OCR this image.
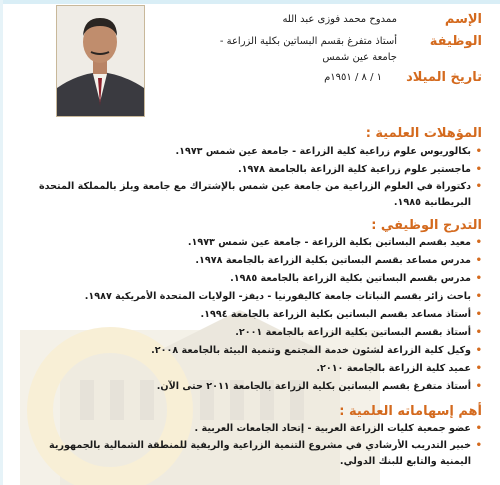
الإسم
ممدوح محمد فوزى عبد الله
الوظيفة
أستاذ متفرغ بقسم البساتين بكلية الزراعة -
جامعة عين شمس
تاريخ الميلاد
١ / ٨ / ١٩٥١م
المؤهلات العلمية :
•
بكالوريوس علوم زراعية كلية الزراعة - جامعة عين شمس ١٩٧٣.
•
ماجستير علوم زراعية كلية الزراعة بالجامعة ١٩٧٨.
•
دكتوراة في العلوم الزراعية من جامعة عين شمس بالإشتراك مع جامعة ويلز بالمملكة المتحدة البريطانية ١٩٨٥.
التدرج الوظيفي :
•
معيد بقسم البساتين بكلية الزراعة - جامعة عين شمس ١٩٧٣.
•
مدرس مساعد بقسم البساتين بكلية الزراعة بالجامعة ١٩٧٨.
•
مدرس بقسم البساتين بكلية الزراعة بالجامعة ١٩٨٥.
•
باحث زائر بقسم النباتات جامعة كاليفورنيا - ديفز- الولايات المتحدة الأمريكية ١٩٨٧.
•
أستاذ مساعد بقسم البساتين بكلية الزراعة بالجامعة ١٩٩٤.
•
أستاذ بقسم البساتين بكلية الزراعة بالجامعة ٢٠٠١.
•
وكيل كلية الزراعة لشئون خدمة المجتمع وتنمية البيئة بالجامعة ٢٠٠٨.
•
عميد كلية الزراعة بالجامعة ٢٠١٠.
•
أستاذ متفرغ بقسم البساتين بكلية الزراعة بالجامعة ٢٠١١ حتى الآن.
أهم إسهاماته العلمية :
•
عضو جمعية كليات الزراعة العربية - إتحاد الجامعات العربية .
•
خبير التدريب الأرشادي في مشروع التنمية الزراعية والريفية للمنطقة الشمالية بالجمهورية اليمنية والتابع للبنك الدولي.
